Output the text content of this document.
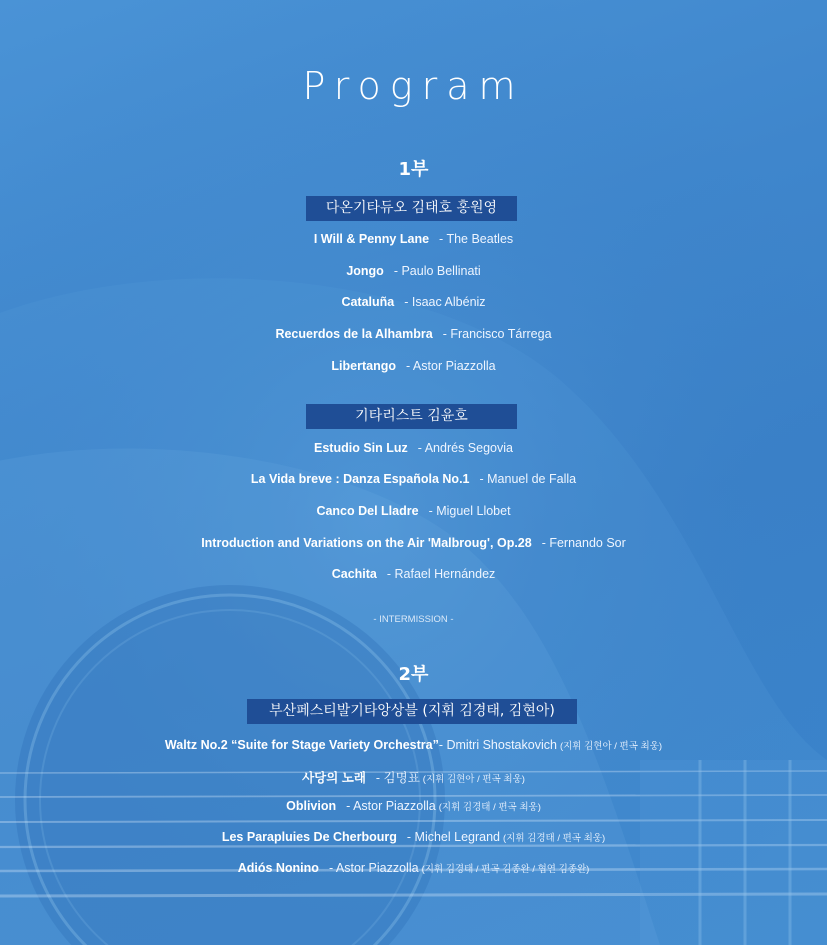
Program
1부
다온기타듀오 김태호 홍원영
I Will & Penny Lane - The Beatles
Jongo - Paulo Bellinati
Cataluña - Isaac Albéniz
Recuerdos de la Alhambra - Francisco Tárrega
Libertango - Astor Piazzolla
기타리스트 김윤호
Estudio Sin Luz - Andrés Segovia
La Vida breve : Danza Española No.1 - Manuel de Falla
Canco Del Lladre - Miguel Llobet
Introduction and Variations on the Air 'Malbroug', Op.28 - Fernando Sor
Cachita - Rafael Hernández
- INTERMISSION -
2부
부산페스티발기타앙상블 (지휘 김경태, 김현아)
Waltz No.2 “Suite for Stage Variety Orchestra”- Dmitri Shostakovich (지휘 김현아 / 편곡 최웅)
사당의 노래 - 김명표 (지휘 김현아 / 편곡 최웅)
Oblivion - Astor Piazzolla (지휘 김경태 / 편곡 최웅)
Les Parapluies De Cherbourg - Michel Legrand (지휘 김경태 / 편곡 최웅)
Adiós Nonino - Astor Piazzolla (지휘 김경태 / 편곡 김종완 / 협연 김종완)
